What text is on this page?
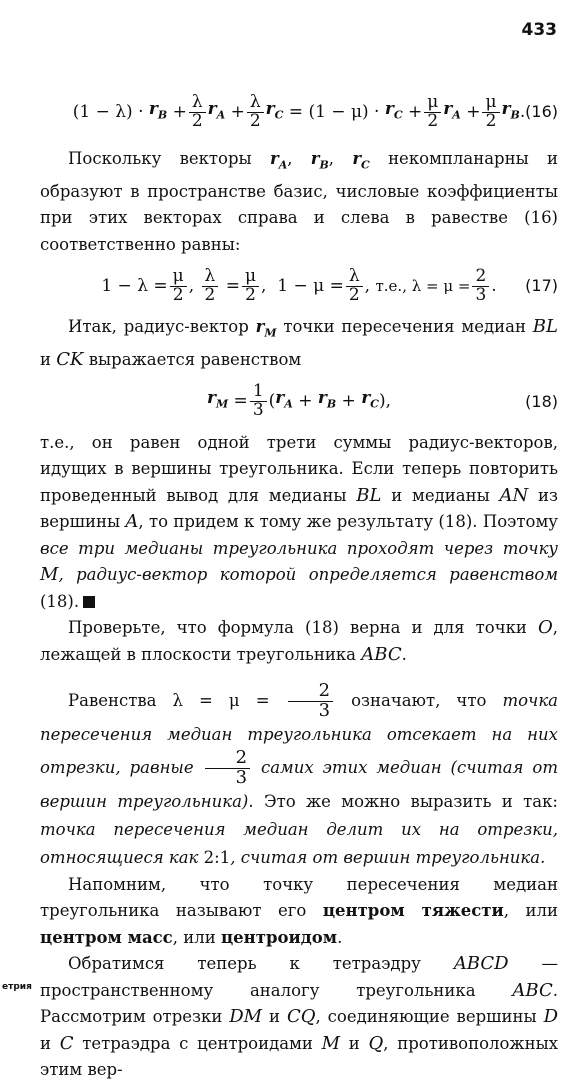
433
(1 − λ) ·
$r_B + \frac{\lambda}{2} r_A + \frac{\lambda}{2} r_C$
= (1 − μ) ·
$r_C + \frac{\mu}{2} r_A + \frac{\mu}{2} r_B$ . (16)

Поскольку векторы $r_A$, $r_B$, $r_C$ некомпланарны и образуют в пространстве базис, числовые коэффициенты при этих векторах справа и слева в равестве (16) соответственно равны:

$1 - \lambda = \frac{\mu}{2}$ , $\frac{\lambda}{2} = \frac{\mu}{2}$ , $1 - \mu = \frac{\lambda}{2}$ , т.е., $\lambda = \mu = \frac{2}{3}$ . (17)

Итак, радиус-вектор $r_M$ точки пересечения медиан BL и CK выражается равенством

$r_M = \frac{1}{3}$ ( $r_A + r_B + r_C$ ),	(18)

т.е., он равен одной трети суммы радиус-векторов, идущих в вершины треугольника. Если теперь повторить проведенный вывод для медианы BL и медианы AN из вершины A, то придем к тому же результату (18). Поэтому все три медианы треугольника проходят через точку M, радиус-вектор которой определяется равенством (18).

Проверьте, что формула (18) верна и для точки O, лежащей в плоскости треугольника ABC.

Равенства $\lambda = \mu = \frac{2}{3}$ означают, что точка пересечения медиан треугольника отсекает на них отрезки, равные $\frac{2}{3}$ самих этих медиан (считая от вершин треугольника). Это же можно выразить и так: точка пересечения медиан делит их на отрезки, относящиеся как 2:1, считая от вершин треугольника.

Напомним, что точку пересечения медиан треугольника называют его центром тяжести, или центром масс, или центроидом.

Обратимся теперь к тетраэдру ABCD — пространственному аналогу треугольника ABC. Рассмотрим отрезки DM и CQ, соединяющие вершины D и C тетраэдра с центроидами M и Q, противоположных этим вер-

етрия
